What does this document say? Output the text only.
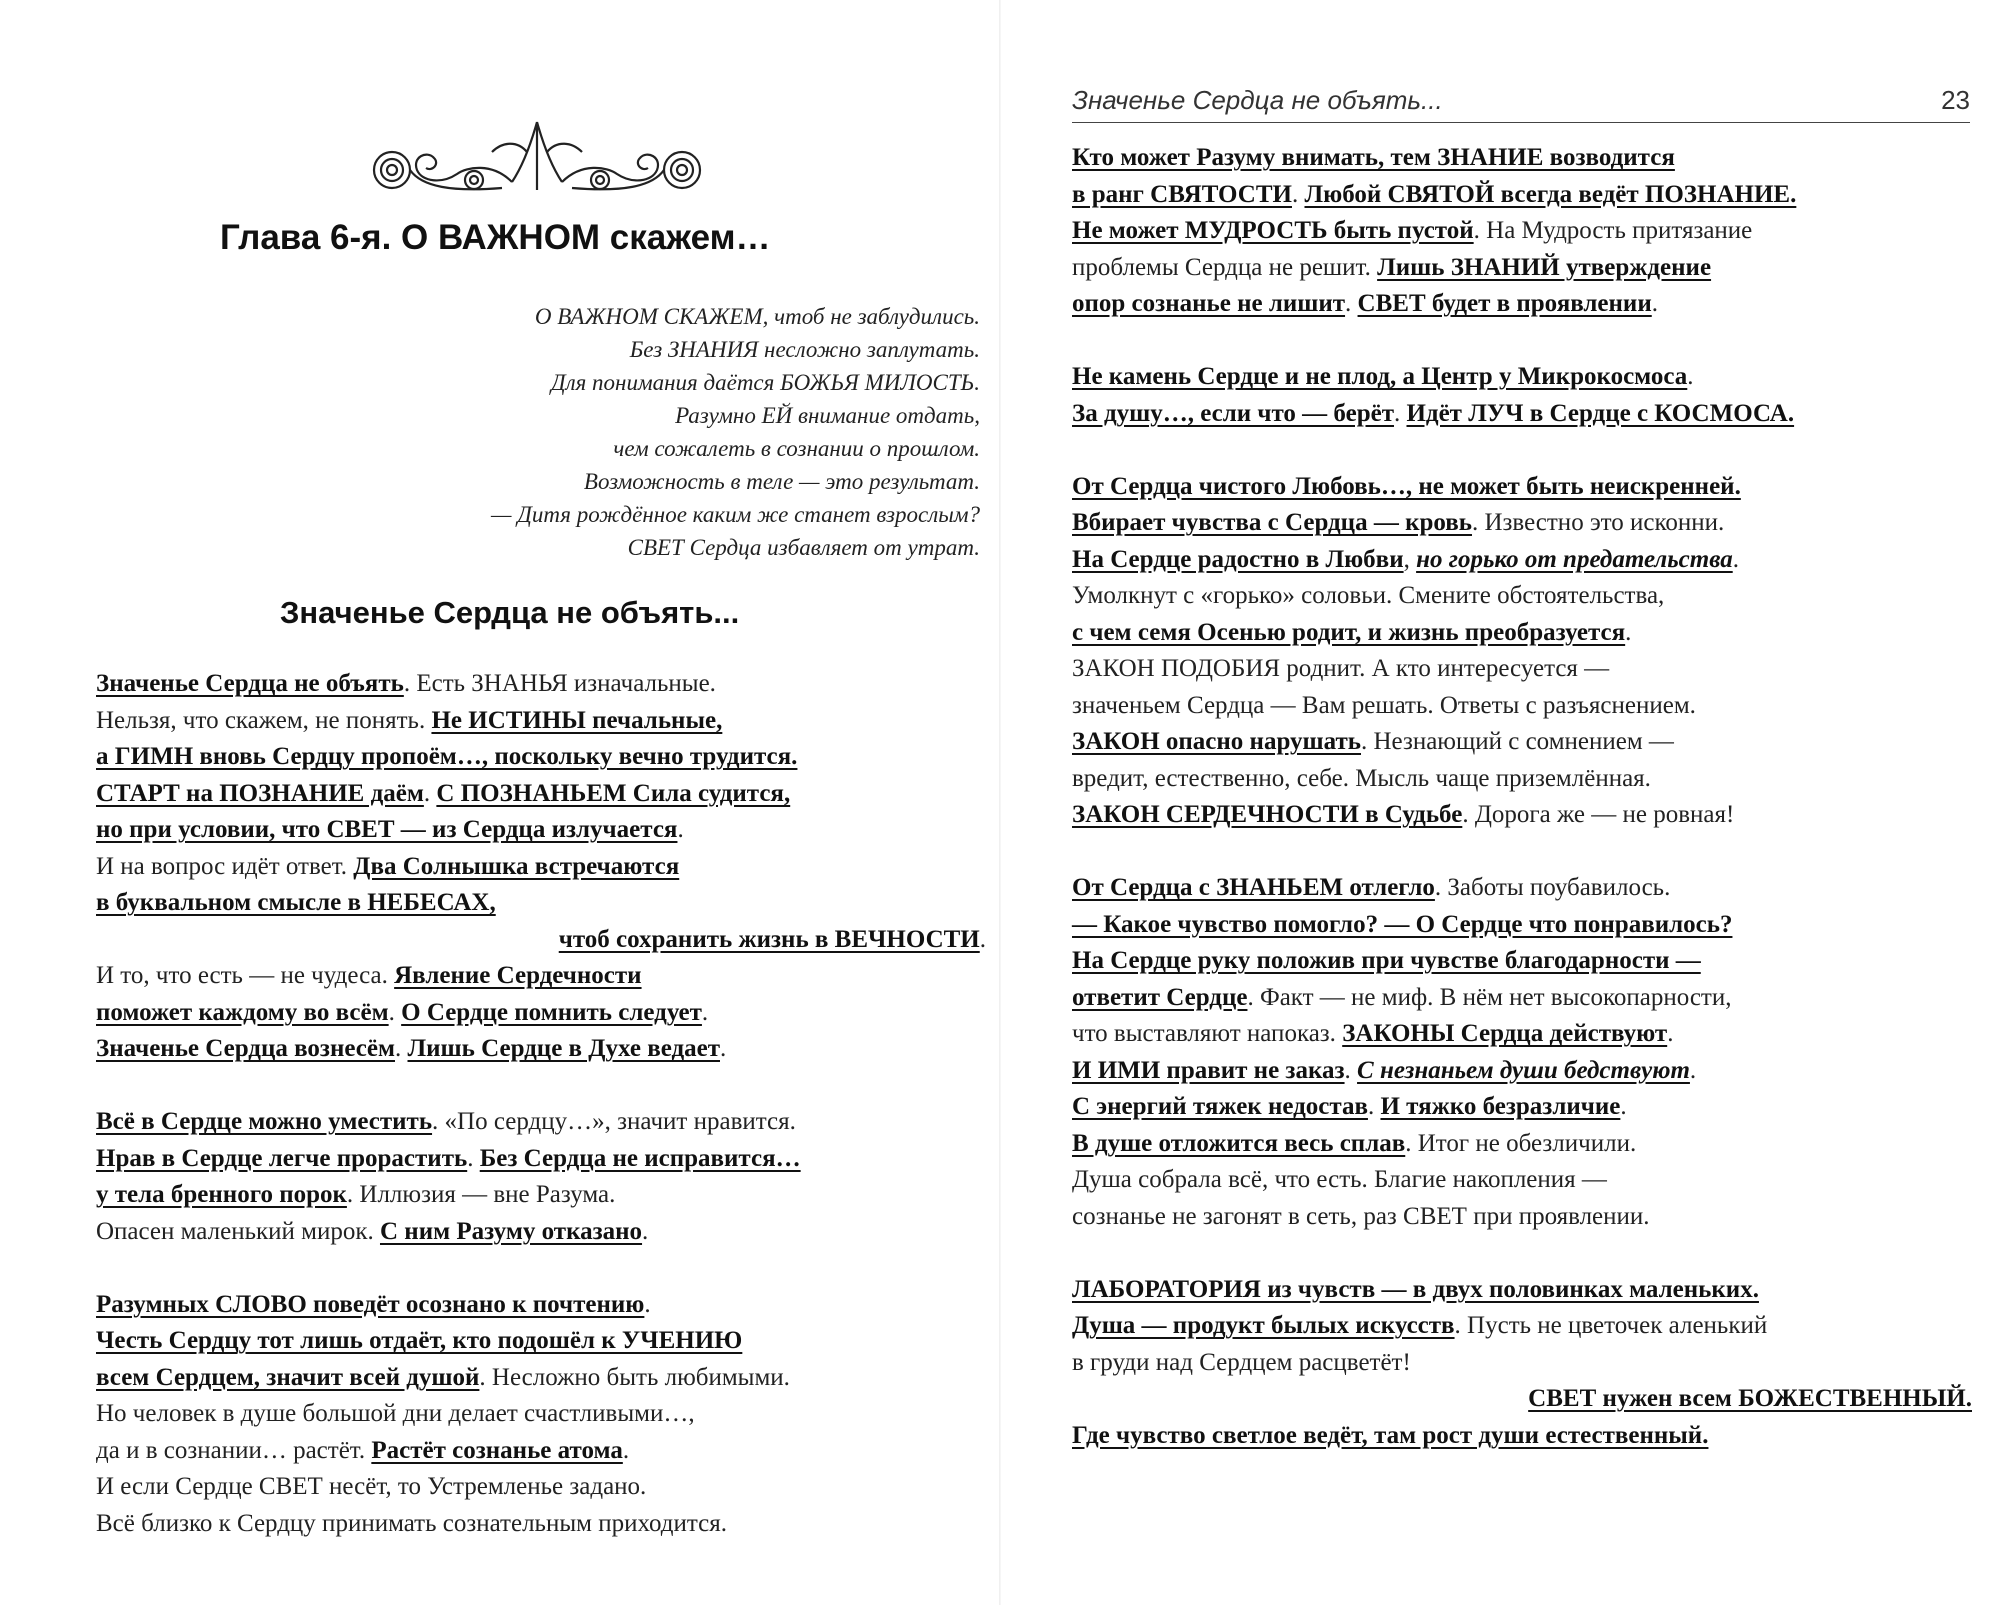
Глава 6-я. О ВАЖНОМ скажем…
О ВАЖНОМ СКАЖЕМ, чтоб не заблудились.
Без ЗНАНИЯ несложно заплутать.
Для понимания даётся БОЖЬЯ МИЛОСТЬ.
Разумно ЕЙ внимание отдать,
чем сожалеть в сознании о прошлом.
Возможность в теле — это результат.
— Дитя рождённое каким же станет взрослым?
СВЕТ Сердца избавляет от утрат.
Значенье Сердца не объять...
Значенье Сердца не объять. Есть ЗНАНЬЯ изначальные.
Нельзя, что скажем, не понять. Не ИСТИНЫ печальные,
а ГИМН вновь Сердцу пропоём…, поскольку вечно трудится.
СТАРТ на ПОЗНАНИЕ даём. С ПОЗНАНЬЕМ Сила судится,
но при условии, что СВЕТ — из Сердца излучается.
И на вопрос идёт ответ. Два Солнышка встречаются
в буквальном смысле в НЕБЕСАХ,
чтоб сохранить жизнь в ВЕЧНОСТИ.
И то, что есть — не чудеса. Явление Сердечности
поможет каждому во всём. О Сердце помнить следует.
Значенье Сердца вознесём. Лишь Сердце в Духе ведает.
Всё в Сердце можно уместить. «По сердцу…», значит нравится.
Нрав в Сердце легче прорастить. Без Сердца не исправится…
у тела бренного порок. Иллюзия — вне Разума.
Опасен маленький мирок. С ним Разуму отказано.
Разумных СЛОВО поведёт осознано к почтению.
Честь Сердцу тот лишь отдаёт, кто подошёл к УЧЕНИЮ
всем Сердцем, значит всей душой. Несложно быть любимыми.
Но человек в душе большой дни делает счастливыми…,
да и в сознании… растёт. Растёт сознанье атома.
И если Сердце СВЕТ несёт, то Устремленье задано.
Всё близко к Сердцу принимать сознательным приходится.
Значенье Сердца не объять...	23
Кто может Разуму внимать, тем ЗНАНИЕ возводится
в ранг СВЯТОСТИ. Любой СВЯТОЙ всегда ведёт ПОЗНАНИЕ.
Не может МУДРОСТЬ быть пустой. На Мудрость притязание
проблемы Сердца не решит. Лишь ЗНАНИЙ утверждение
опор сознанье не лишит. СВЕТ будет в проявлении.
Не камень Сердце и не плод, а Центр у Микрокосмоса.
За душу…, если что — берёт. Идёт ЛУЧ в Сердце с КОСМОСА.
От Сердца чистого Любовь…, не может быть неискренней.
Вбирает чувства с Сердца — кровь. Известно это исконни.
На Сердце радостно в Любви, но горько от предательства.
Умолкнут с «горько» соловьи. Смените обстоятельства,
с чем семя Осенью родит, и жизнь преобразуется.
ЗАКОН ПОДОБИЯ роднит. А кто интересуется —
значеньем Сердца — Вам решать. Ответы с разъяснением.
ЗАКОН опасно нарушать. Незнающий с сомнением —
вредит, естественно, себе. Мысль чаще приземлённая.
ЗАКОН СЕРДЕЧНОСТИ в Судьбе. Дорога же — не ровная!
От Сердца с ЗНАНЬЕМ отлегло. Заботы поубавилось.
— Какое чувство помогло? — О Сердце что понравилось?
На Сердце руку положив при чувстве благодарности —
ответит Сердце. Факт — не миф. В нём нет высокопарности,
что выставляют напоказ. ЗАКОНЫ Сердца действуют.
И ИМИ правит не заказ. С незнаньем души бедствуют.
С энергий тяжек недостав. И тяжко безразличие.
В душе отложится весь сплав. Итог не обезличили.
Душа собрала всё, что есть. Благие накопления —
сознанье не загонят в сеть, раз СВЕТ при проявлении.
ЛАБОРАТОРИЯ из чувств — в двух половинках маленьких.
Душа — продукт былых искусств. Пусть не цветочек аленький
в груди над Сердцем расцветёт!
СВЕТ нужен всем БОЖЕСТВЕННЫЙ.
Где чувство светлое ведёт, там рост души естественный.
